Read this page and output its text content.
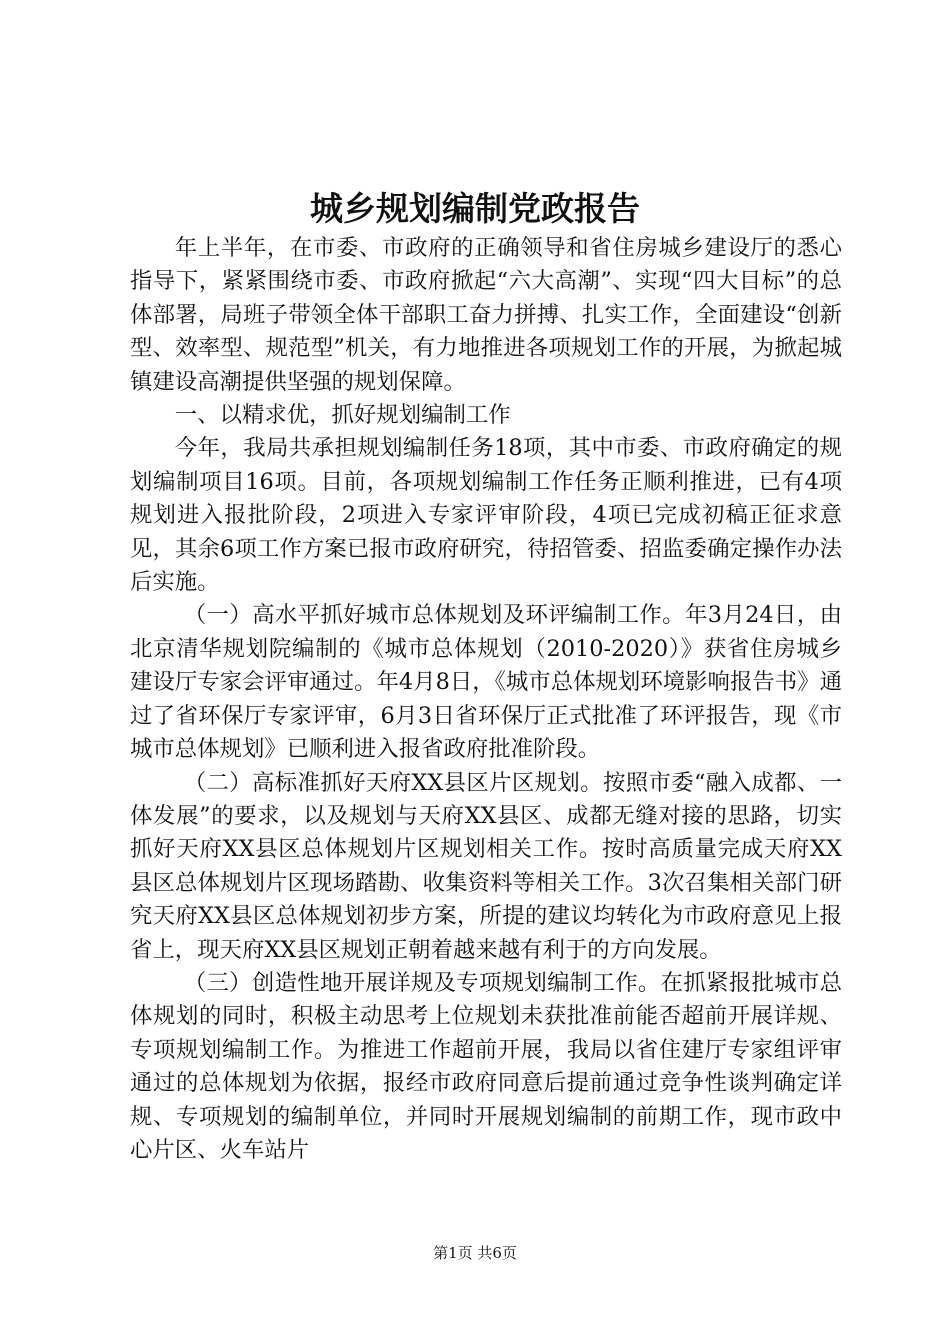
城乡规划编制党政报告

年上半年，在市委、市政府的正确领导和省住房城乡建设厅的悉心指导下，紧紧围绕市委、市政府掀起“六大高潮”、实现“四大目标”的总体部署，局班子带领全体干部职工奋力拼搏、扎实工作，全面建设“创新型、效率型、规范型”机关，有力地推进各项规划工作的开展，为掀起城镇建设高潮提供坚强的规划保障。

一、以精求优，抓好规划编制工作

今年，我局共承担规划编制任务18项，其中市委、市政府确定的规划编制项目16项。目前，各项规划编制工作任务正顺利推进，已有4项规划进入报批阶段，2项进入专家评审阶段，4项已完成初稿正征求意见，其余6项工作方案已报市政府研究，待招管委、招监委确定操作办法后实施。

（一）高水平抓好城市总体规划及环评编制工作。年3月24日，由北京清华规划院编制的《城市总体规划（2010-2020）》获省住房城乡建设厅专家会评审通过。年4月8日，《城市总体规划环境影响报告书》通过了省环保厅专家评审，6月3日省环保厅正式批准了环评报告，现《市城市总体规划》已顺利进入报省政府批准阶段。

（二）高标准抓好天府XX县区片区规划。按照市委“融入成都、一体发展”的要求，以及规划与天府XX县区、成都无缝对接的思路，切实抓好天府XX县区总体规划片区规划相关工作。按时高质量完成天府XX县区总体规划片区现场踏勘、收集资料等相关工作。3次召集相关部门研究天府XX县区总体规划初步方案，所提的建议均转化为市政府意见上报省上，现天府XX县区规划正朝着越来越有利于的方向发展。

（三）创造性地开展详规及专项规划编制工作。在抓紧报批城市总体规划的同时，积极主动思考上位规划未获批准前能否超前开展详规、专项规划编制工作。为推进工作超前开展，我局以省住建厅专家组评审通过的总体规划为依据，报经市政府同意后提前通过竞争性谈判确定详规、专项规划的编制单位，并同时开展规划编制的前期工作，现市政中心片区、火车站片

第1页 共6页
